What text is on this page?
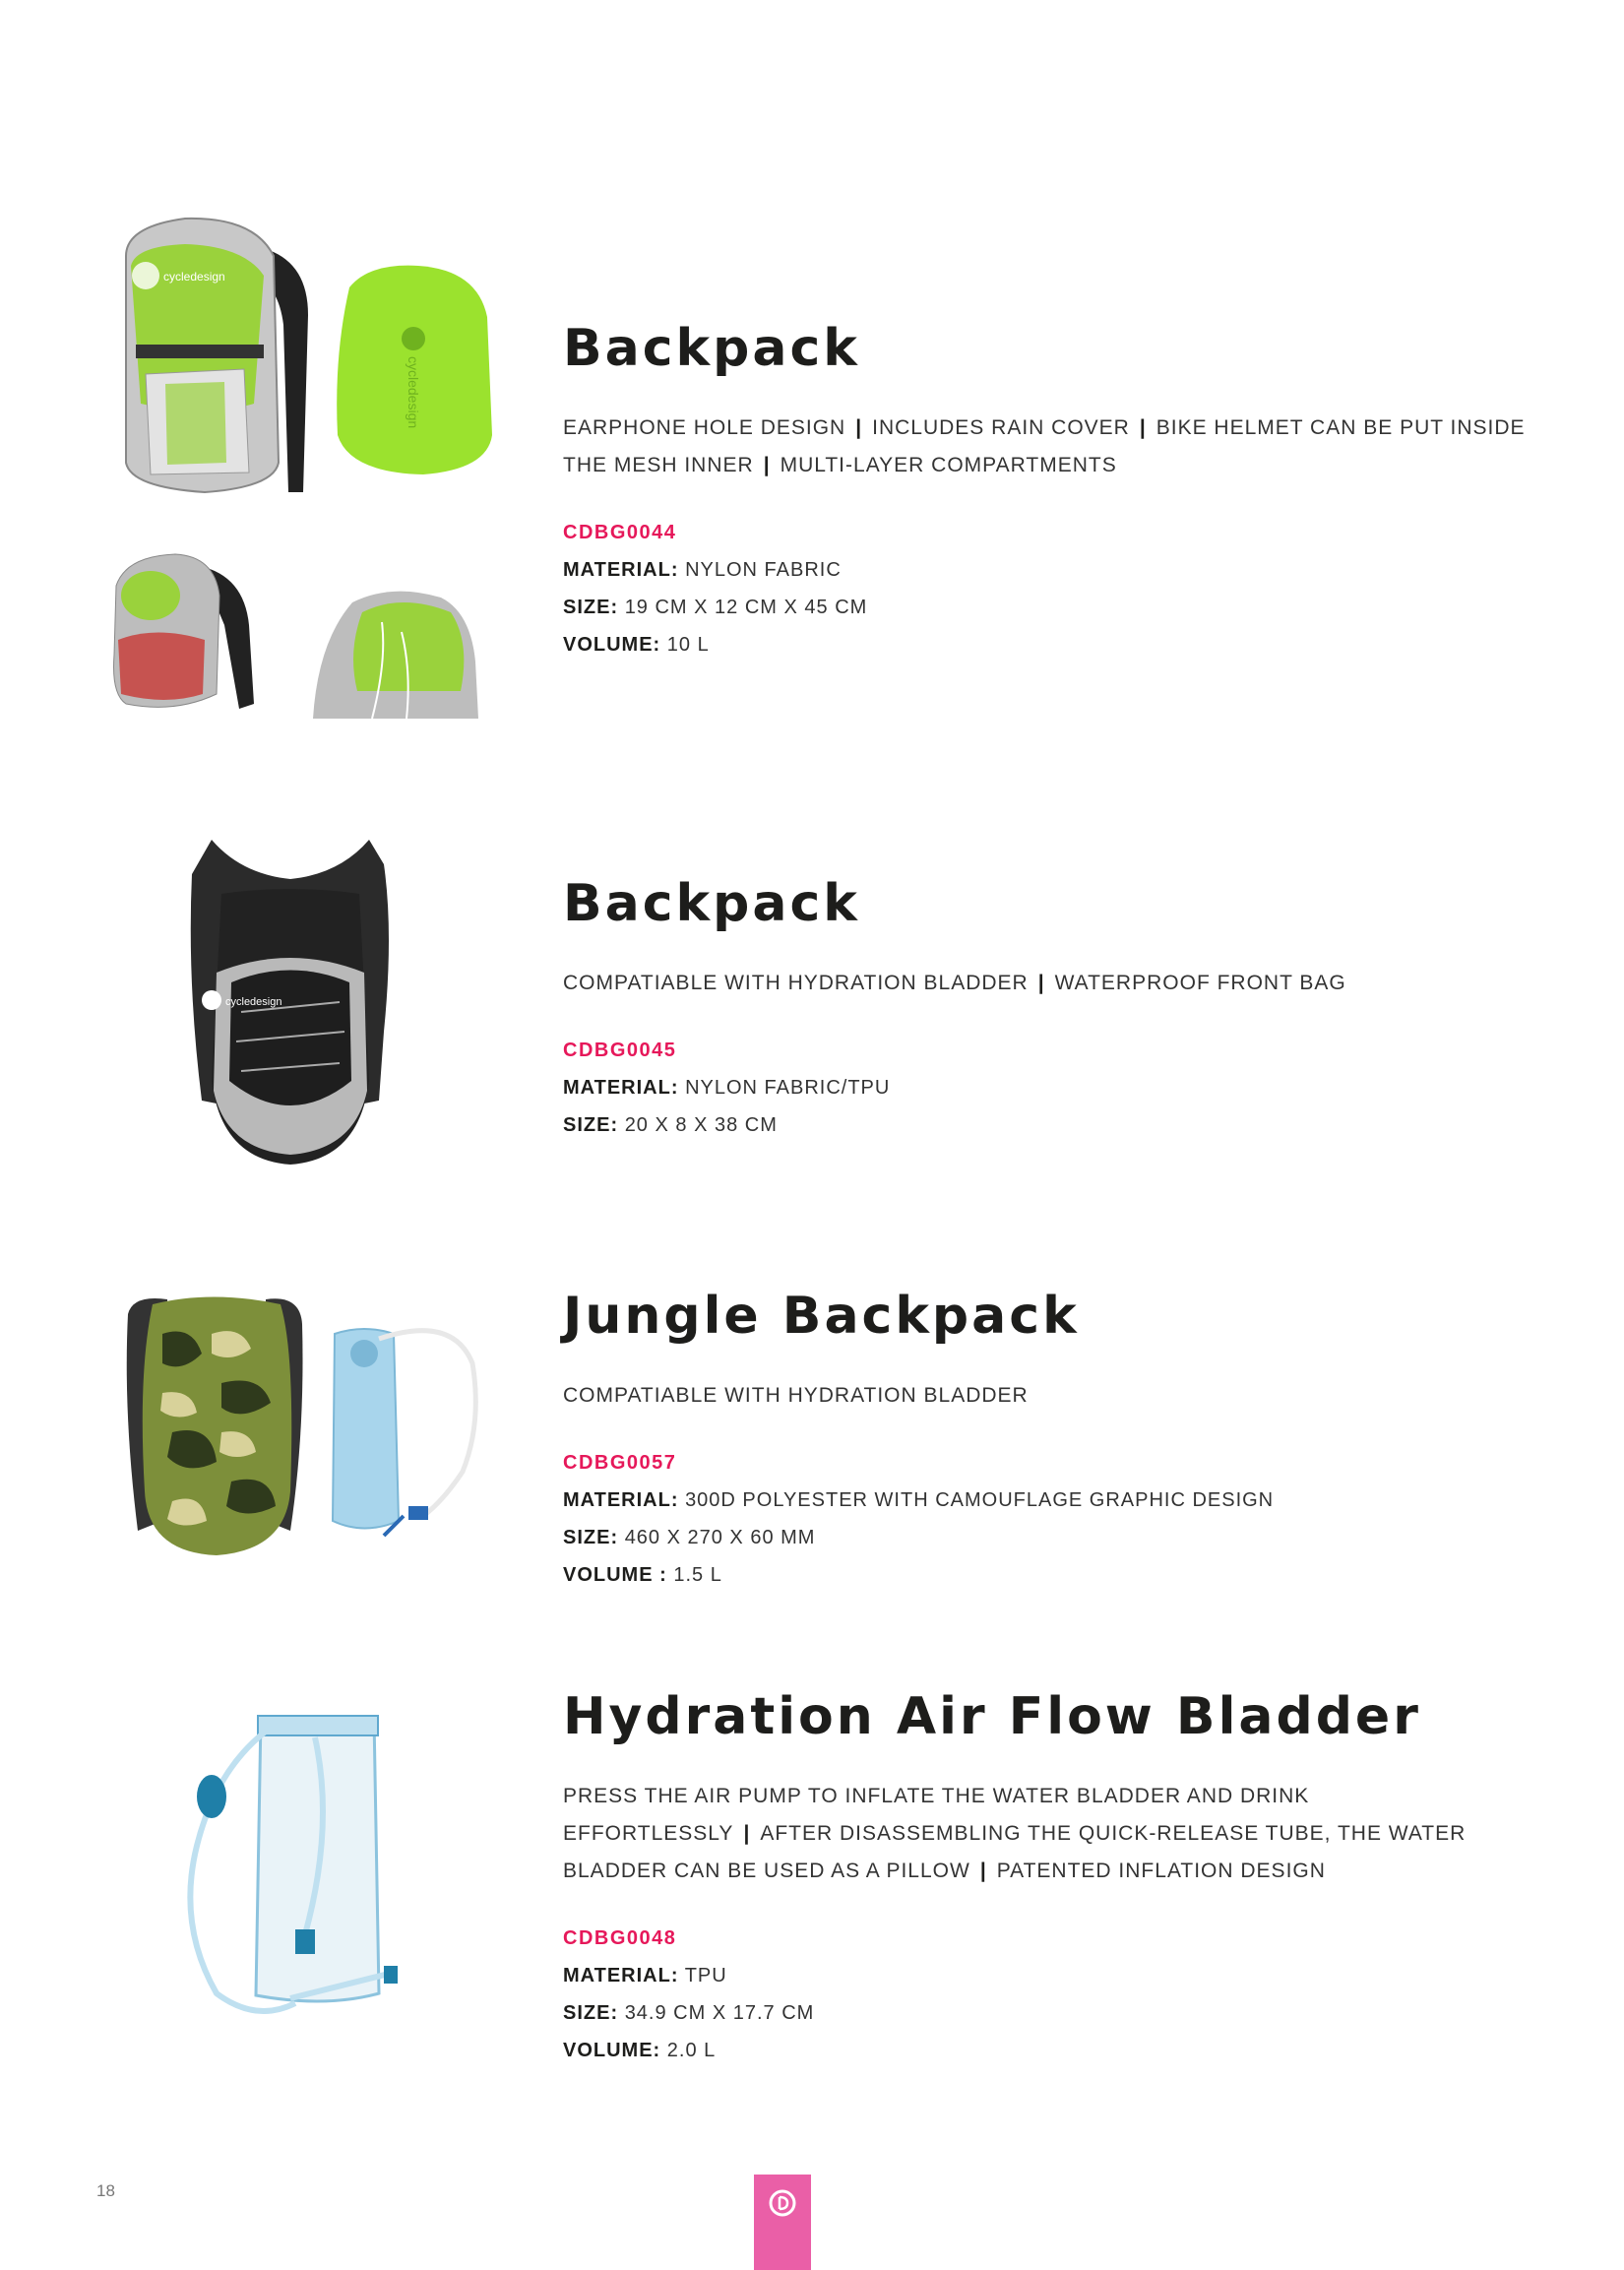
cycledesign
cycledesign
Backpack
EARPHONE HOLE DESIGN | INCLUDES RAIN COVER | BIKE HELMET CAN BE PUT INSIDE THE MESH INNER | MULTI-LAYER COMPARTMENTS
CDBG0044
MATERIAL: NYLON FABRIC
SIZE: 19 CM X 12 CM X 45 CM
VOLUME: 10 L
cycledesign
Backpack
COMPATIABLE WITH HYDRATION BLADDER | WATERPROOF FRONT BAG
CDBG0045
MATERIAL: NYLON FABRIC/TPU
SIZE: 20 X 8 X 38 CM
Jungle Backpack
COMPATIABLE WITH HYDRATION BLADDER
CDBG0057
MATERIAL: 300D POLYESTER WITH CAMOUFLAGE GRAPHIC DESIGN
SIZE: 460 X 270 X 60 MM
VOLUME : 1.5 L
Hydration Air Flow Bladder
PRESS THE AIR PUMP TO INFLATE THE WATER BLADDER AND DRINK EFFORTLESSLY | AFTER DISASSEMBLING THE QUICK-RELEASE TUBE, THE WATER BLADDER CAN BE USED AS A PILLOW | PATENTED INFLATION DESIGN
CDBG0048
MATERIAL: TPU
SIZE: 34.9 CM X 17.7 CM
VOLUME: 2.0 L
18
